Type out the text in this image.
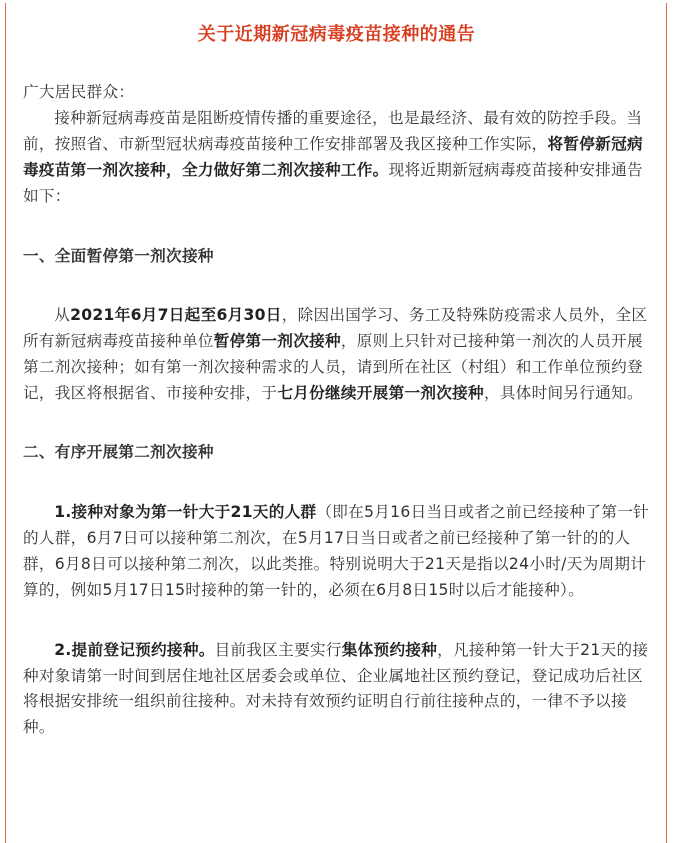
关于近期新冠病毒疫苗接种的通告

广大居民群众：

接种新冠病毒疫苗是阻断疫情传播的重要途径，也是最经济、最有效的防控手段。当前，按照省、市新型冠状病毒疫苗接种工作安排部署及我区接种工作实际，将暂停新冠病毒疫苗第一剂次接种，全力做好第二剂次接种工作。现将近期新冠病毒疫苗接种安排通告如下：

一、全面暂停第一剂次接种

从2021年6月7日起至6月30日，除因出国学习、务工及特殊防疫需求人员外，全区所有新冠病毒疫苗接种单位暂停第一剂次接种，原则上只针对已接种第一剂次的人员开展第二剂次接种；如有第一剂次接种需求的人员，请到所在社区（村组）和工作单位预约登记，我区将根据省、市接种安排，于七月份继续开展第一剂次接种，具体时间另行通知。

二、有序开展第二剂次接种

1.接种对象为第一针大于21天的人群（即在5月16日当日或者之前已经接种了第一针的人群，6月7日可以接种第二剂次，在5月17日当日或者之前已经接种了第一针的的人群，6月8日可以接种第二剂次，以此类推。特别说明大于21天是指以24小时/天为周期计算的，例如5月17日15时接种的第一针的，必须在6月8日15时以后才能接种）。

2.提前登记预约接种。目前我区主要实行集体预约接种，凡接种第一针大于21天的接种对象请第一时间到居住地社区居委会或单位、企业属地社区预约登记，登记成功后社区将根据安排统一组织前往接种。对未持有效预约证明自行前往接种点的，一律不予以接种。
